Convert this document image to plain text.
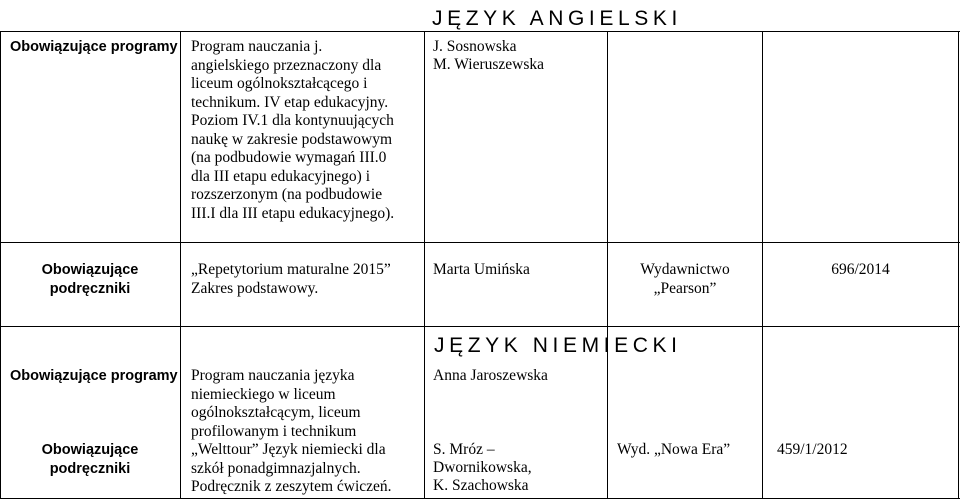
Obowiązujące programy Program nauczania j. angielskiego przeznaczony dla liceum ogólnokształcącego i technikum. IV etap edukacyjny. Poziom IV.1 dla kontynuujących naukę w zakresie podstawowym (na podbudowie wymagań III.0 dla III etapu edukacyjnego) i rozszerzonym (na podbudowie III.I dla III etapu edukacyjnego).
JĘZYK ANGIELSKI
J. Sosnowska
M. Wieruszewska
Obowiązujące
podręczniki
„Repetytorium maturalne 2015” Zakres podstawowy.
Marta Umińska	Wydawnictwo
„Pearson”
696/2014
JĘZYK NIEMIECKI
Obowiązujące programy Program nauczania języka niemieckiego w liceum ogólnokształcącym, liceum profilowanym i technikum
Anna Jaroszewska
Obowiązujące
podręczniki
„Welttour” Język niemiecki dla szkół ponadgimnazjalnych. Podręcznik z zeszytem ćwiczeń.
S. Mróz –
Dwornikowska,
K. Szachowska
Wyd. „Nowa Era”	459/1/2012
